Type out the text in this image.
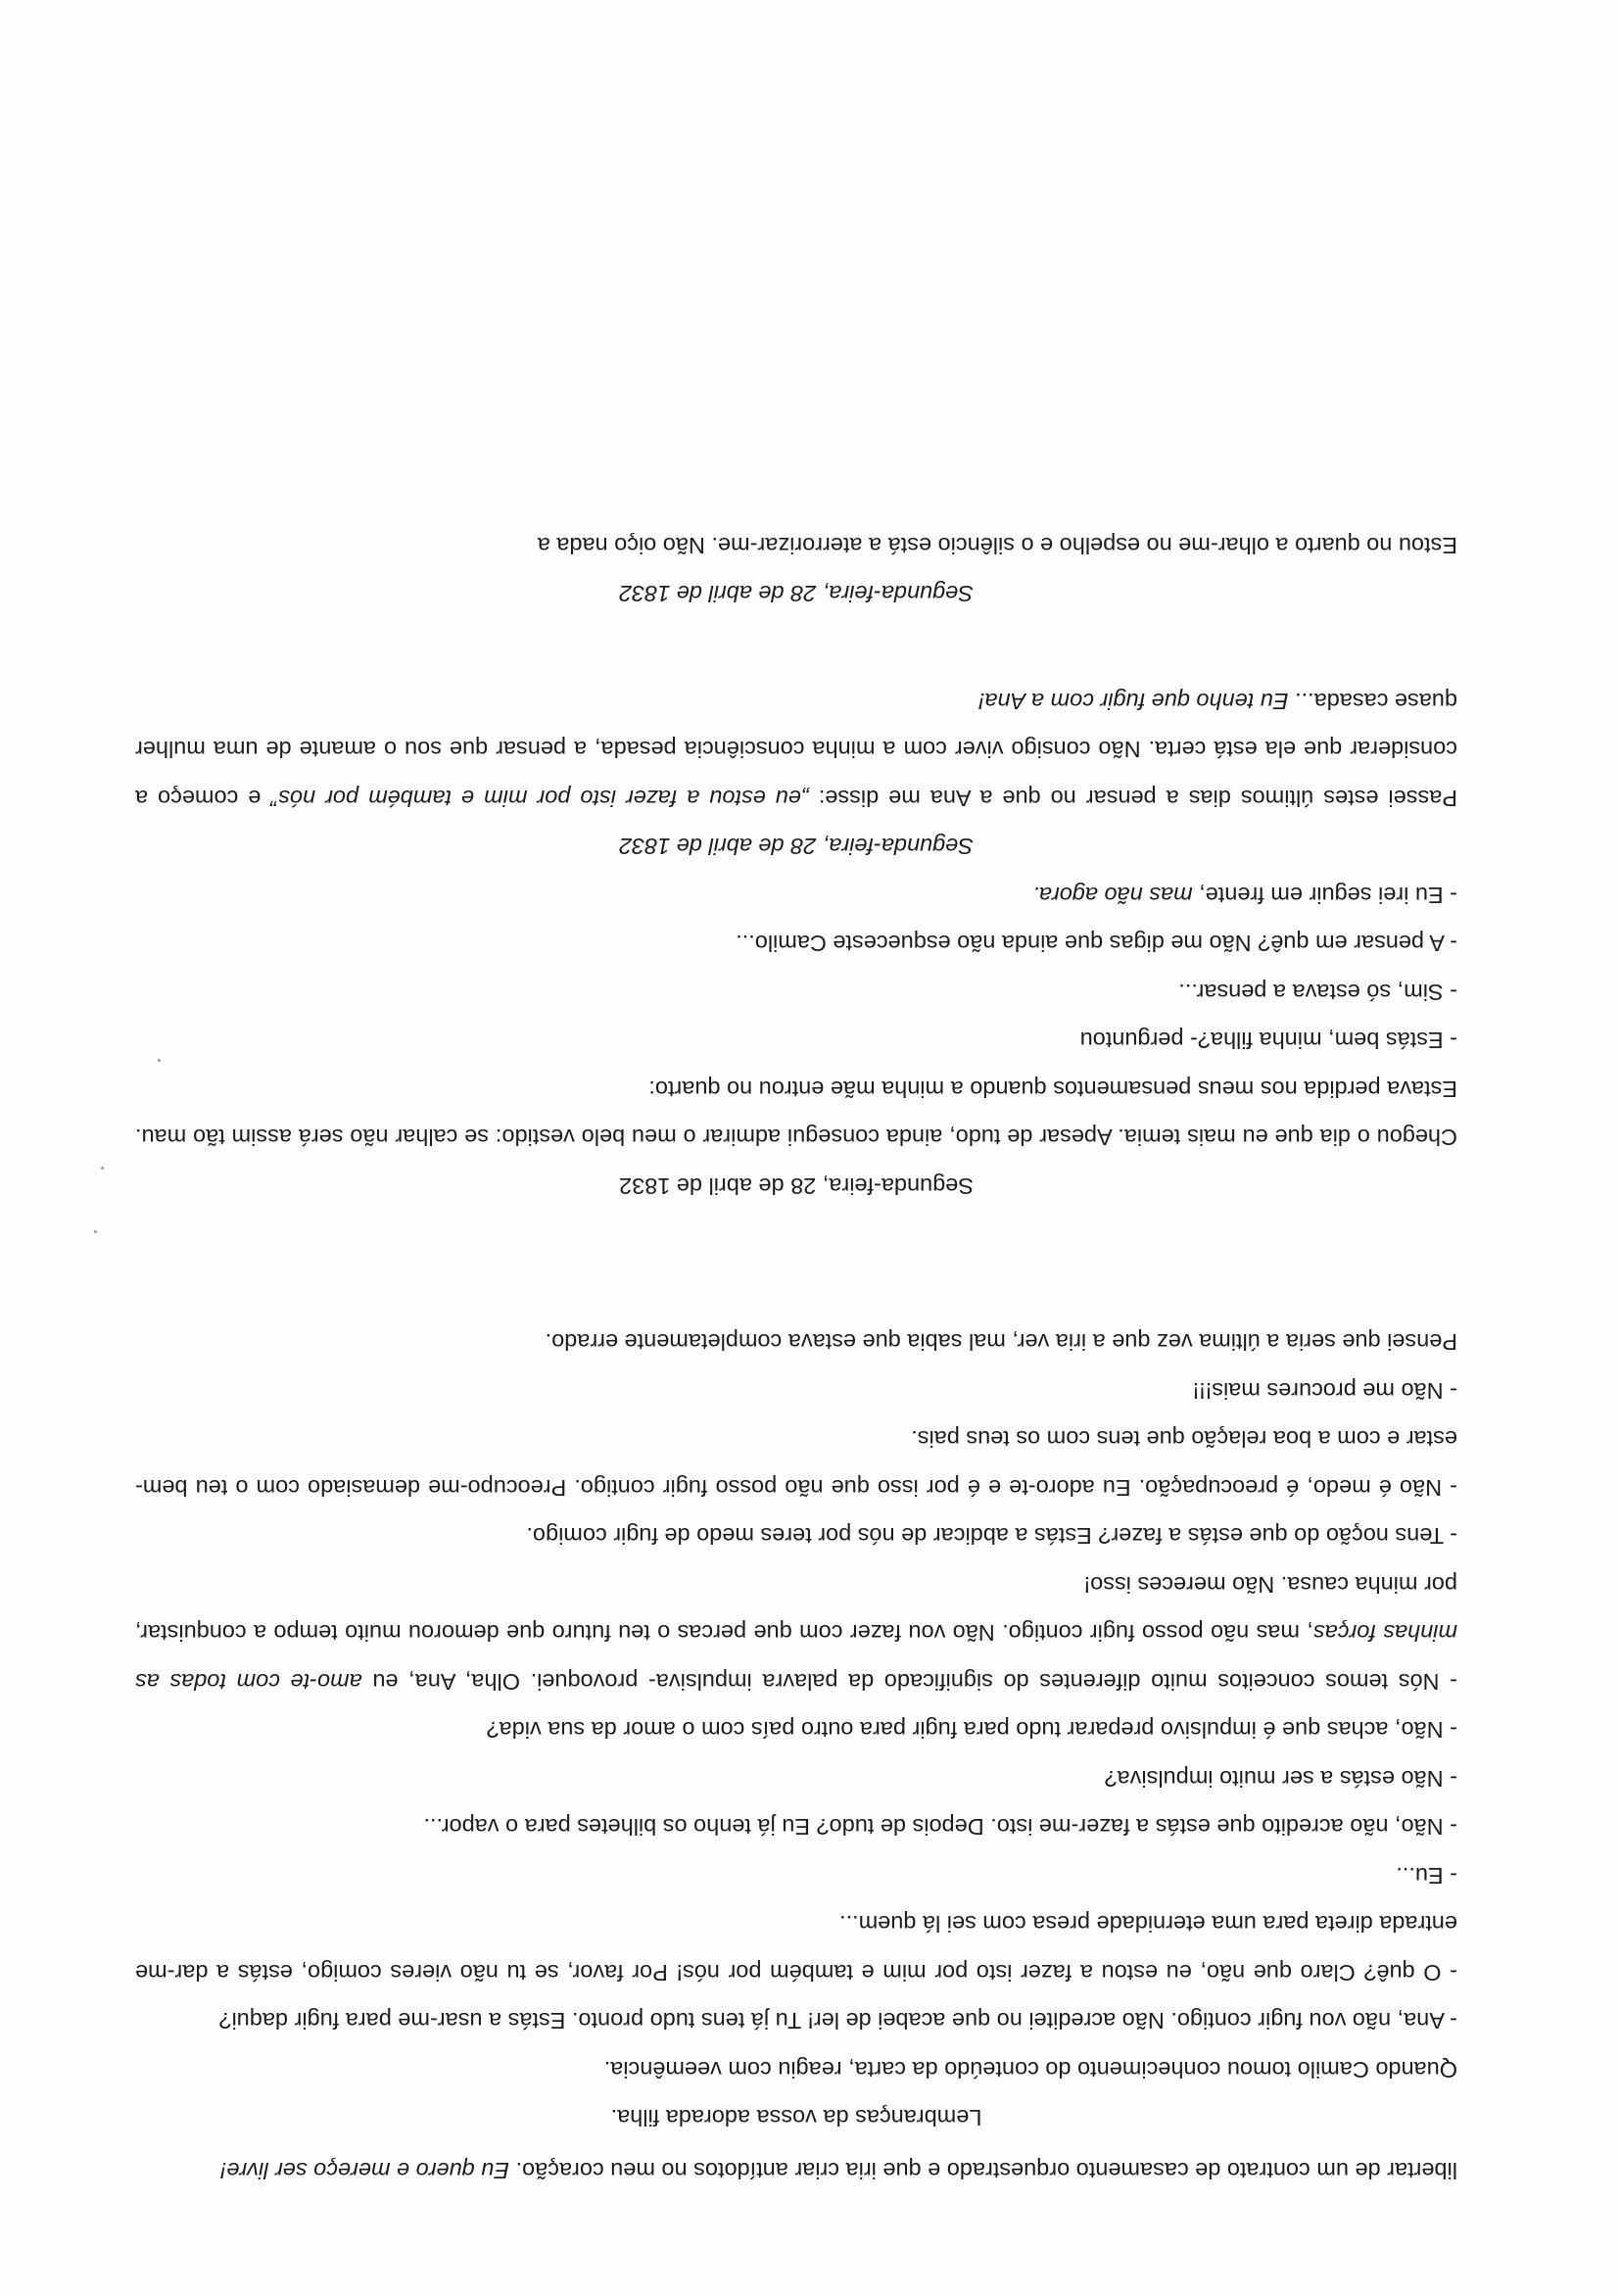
libertar de um contrato de casamento orquestrado e que iria criar antídotos no meu coração. Eu quero e mereço ser livre!

Lembranças da vossa adorada filha.

Quando Camilo tomou conhecimento do conteúdo da carta, reagiu com veemência.

- Ana, não vou fugir contigo. Não acreditei no que acabei de ler! Tu já tens tudo pronto. Estás a usar-me para fugir daqui?

- O quê? Claro que não, eu estou a fazer isto por mim e também por nós! Por favor, se tu não vieres comigo, estás a dar-me entrada direta para uma eternidade presa com sei lá quem...

- Eu...

- Não, não acredito que estás a fazer-me isto. Depois de tudo? Eu já tenho os bilhetes para o vapor...

- Não estás a ser muito impulsiva?

- Não, achas que é impulsivo preparar tudo para fugir para outro país com o amor da sua vida?

- Nós temos conceitos muito diferentes do significado da palavra impulsiva- provoquei. Olha, Ana, eu amo-te com todas as minhas forças, mas não posso fugir contigo. Não vou fazer com que percas o teu futuro que demorou muito tempo a conquistar, por minha causa. Não mereces isso!

- Tens noção do que estás a fazer? Estás a abdicar de nós por teres medo de fugir comigo.

- Não é medo, é preocupação. Eu adoro-te e é por isso que não posso fugir contigo. Preocupo-me demasiado com o teu bem-estar e com a boa relação que tens com os teus pais.

- Não me procures mais!!!

Pensei que seria a última vez que a iria ver, mal sabia que estava completamente errado.

Segunda-feira, 28 de abril de 1832

Chegou o dia que eu mais temia. Apesar de tudo, ainda consegui admirar o meu belo vestido: se calhar não será assim tão mau. Estava perdida nos meus pensamentos quando a minha mãe entrou no quarto:

- Estás bem, minha filha?- perguntou

- Sim, só estava a pensar...

- A pensar em quê? Não me digas que ainda não esqueceste Camilo...

- Eu irei seguir em frente, mas não agora.

Segunda-feira, 28 de abril de 1832

Passei estes últimos dias a pensar no que a Ana me disse: „eu estou a fazer isto por mim e também por nós” e começo a considerar que ela está certa. Não consigo viver com a minha consciência pesada, a pensar que sou o amante de uma mulher quase casada... Eu tenho que fugir com a Ana!

Segunda-feira, 28 de abril de 1832

Estou no quarto a olhar-me no espelho e o silêncio está a aterrorizar-me. Não oiço nada a
